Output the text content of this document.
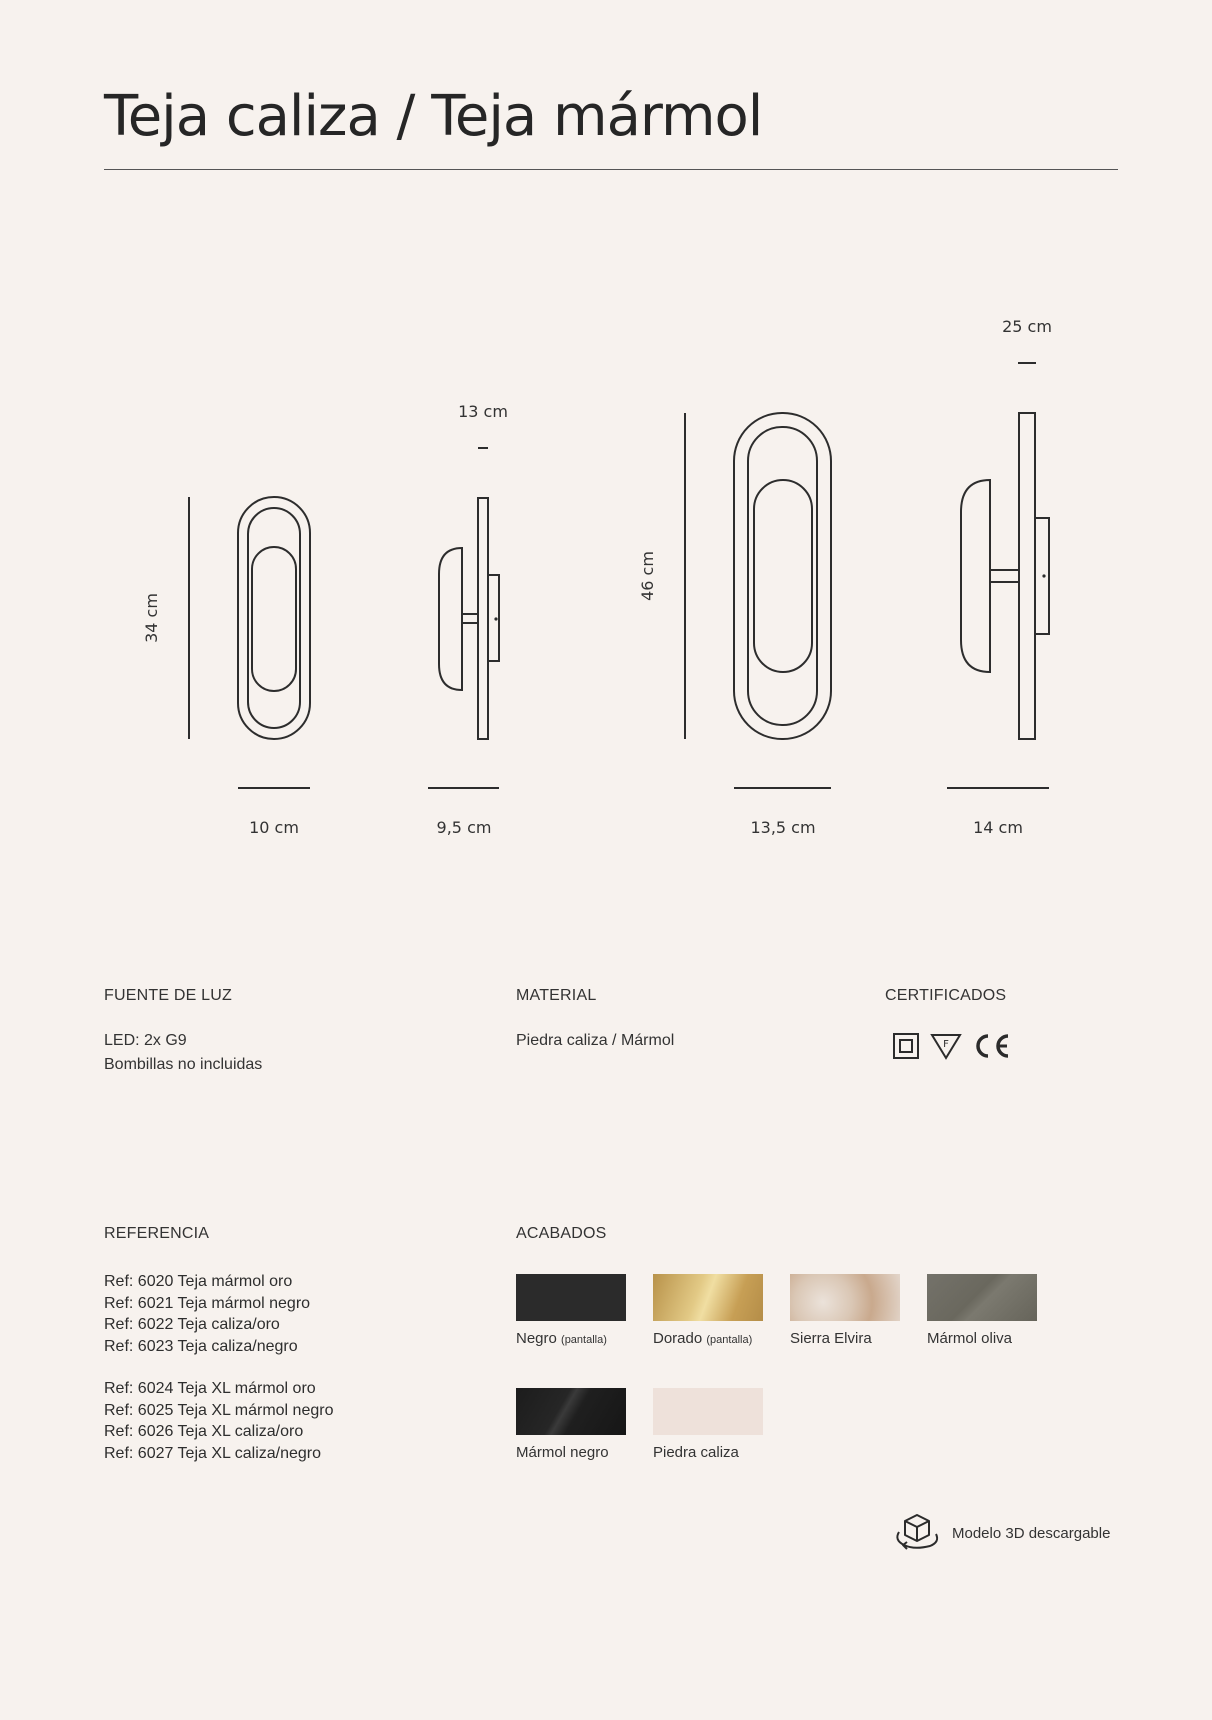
Teja caliza / Teja mármol
34 cm
10 cm	9,5 cm
13 cm
46 cm
13,5 cm	14 cm
25 cm
FUENTE DE LUZ
LED: 2x G9
Bombillas no incluidas
MATERIAL
Piedra caliza / Mármol
CERTIFICADOS
F
REFERENCIA
Ref: 6020 Teja mármol oro
Ref: 6021 Teja mármol negro
Ref: 6022 Teja caliza/oro
Ref: 6023 Teja caliza/negro
Ref: 6024 Teja XL mármol oro
Ref: 6025 Teja XL mármol negro
Ref: 6026 Teja XL caliza/oro
Ref: 6027 Teja XL caliza/negro
ACABADOS
Negro (pantalla)	Dorado (pantalla)	Sierra Elvira	Mármol oliva
Mármol negro	Piedra caliza
Modelo 3D descargable
